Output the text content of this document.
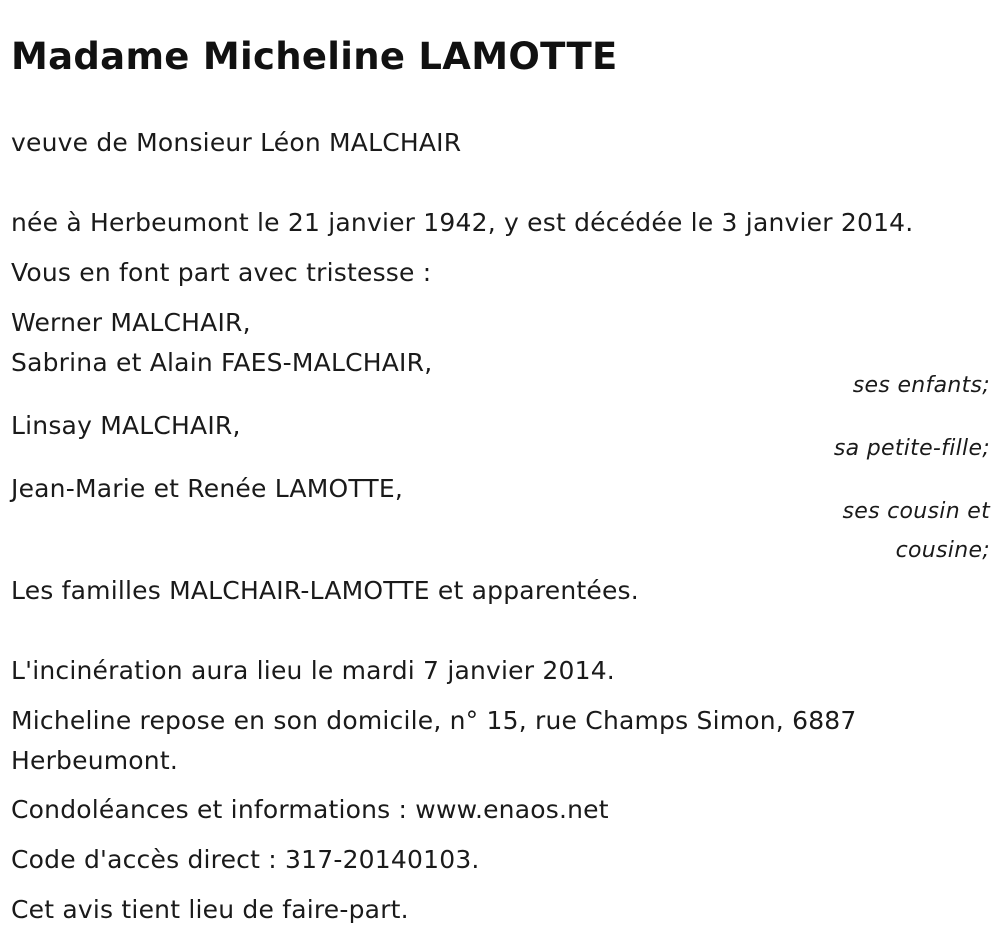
Madame Micheline LAMOTTE

veuve de Monsieur Léon MALCHAIR

née à Herbeumont le 21 janvier 1942, y est décédée le 3 janvier 2014.

Vous en font part avec tristesse :

Werner MALCHAIR,

Sabrina et Alain FAES-MALCHAIR,

ses enfants;

Linsay MALCHAIR,

sa petite-fille;

Jean-Marie et Renée LAMOTTE,

ses cousin et

cousine;

Les familles MALCHAIR-LAMOTTE et apparentées.

L'incinération aura lieu le mardi 7 janvier 2014.

Micheline repose en son domicile, n° 15, rue Champs Simon, 6887

Herbeumont.

Condoléances et informations : www.enaos.net

Code d'accès direct : 317-20140103.

Cet avis tient lieu de faire-part.
